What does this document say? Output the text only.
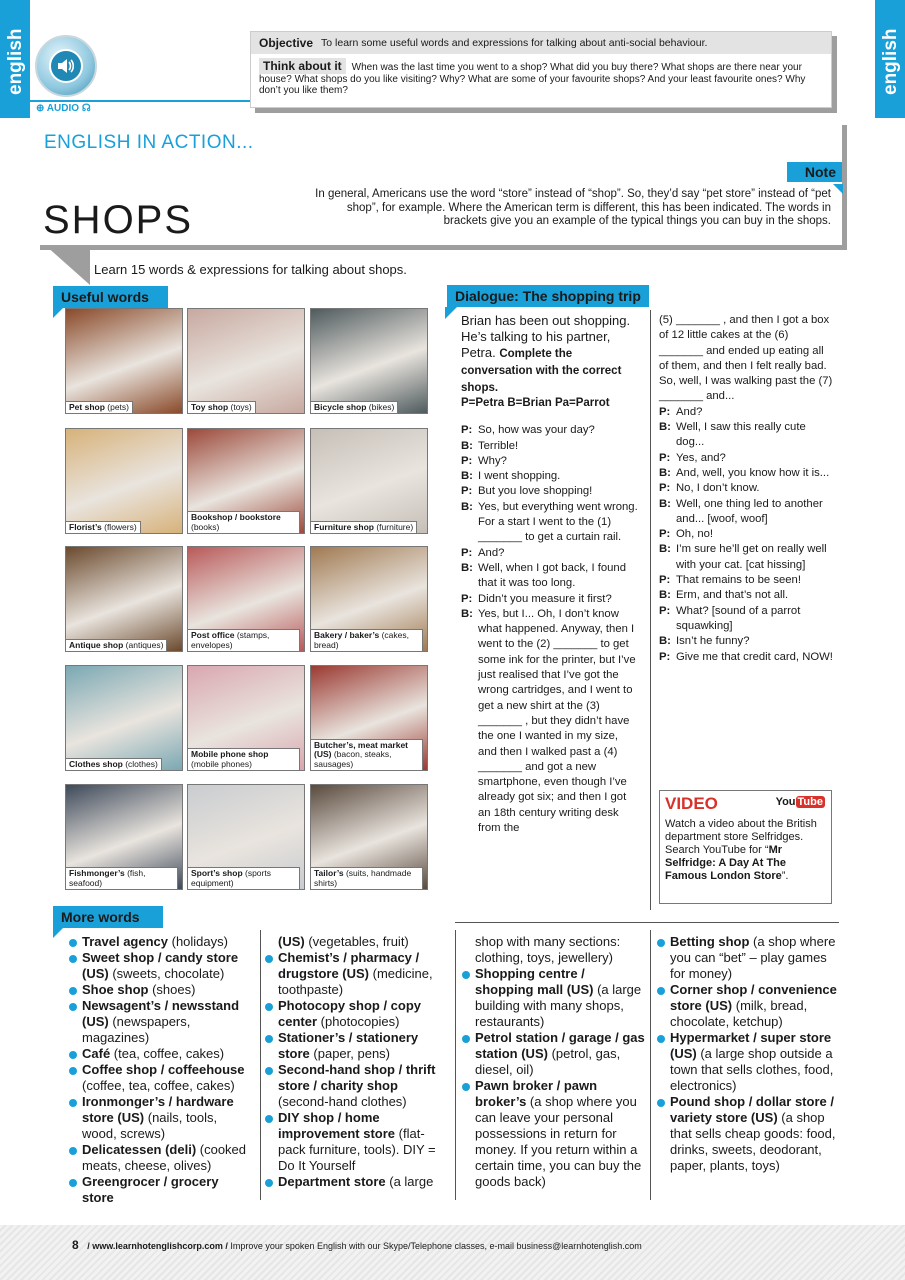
english	english
⊕ AUDIO ☊
Objective To learn some useful words and expressions for talking about anti-social behaviour.
Think about it When was the last time you went to a shop? What did you buy there? What shops are there near your house? What shops do you like visiting? Why? What are some of your favourite shops? And your least favourite ones? Why don’t you like them?
ENGLISH IN ACTION...
Note
SHOPS
In general, Americans use the word “store” instead of “shop”. So, they’d say “pet store” instead of “pet shop”, for example. Where the American term is different, this has been indicated. The words in brackets give you an example of the typical things you can buy in the shops.
Learn 15 words & expressions for talking about shops.
Useful words
Pet shop (pets)	Toy shop (toys)	Bicycle shop (bikes)
Florist’s (flowers)
Bookshop / bookstore (books)	Furniture shop (furniture)
Antique shop (antiques)
Post office (stamps, envelopes)
Bakery / baker’s (cakes, bread)
Clothes shop (clothes)
Mobile phone shop (mobile phones)
Butcher’s, meat market (US) (bacon, steaks, sausages)
Fishmonger’s (fish, seafood)
Sport’s shop (sports equipment)
Tailor’s (suits, handmade shirts)
Dialogue: The shopping trip
Brian has been out shopping. He’s talking to his partner, Petra. Complete the conversation with the correct shops.
P=Petra B=Brian Pa=Parrot
P: So, how was your day?
B: Terrible!
P: Why?
B: I went shopping.
P: But you love shopping!
B: Yes, but everything went wrong. For a start I went to the (1) _______ to get a curtain rail.
P: And?
B: Well, when I got back, I found that it was too long.
P: Didn’t you measure it first?
B: Yes, but I... Oh, I don’t know what happened. Anyway, then I went to the (2) _______ to get some ink for the printer, but I’ve just realised that I’ve got the wrong cartridges, and I went to get a new shirt at the (3) _______ , but they didn’t have the one I wanted in my size, and then I walked past a (4) _______ and got a new smartphone, even though I’ve already got six; and then I got an 18th century writing desk from the
(5) _______ , and then I got a box of 12 little cakes at the (6) _______ and ended up eating all of them, and then I felt really bad. So, well, I was walking past the (7) _______ and...
P: And?
B: Well, I saw this really cute dog...
P: Yes, and?
B: And, well, you know how it is...
P: No, I don’t know.
B: Well, one thing led to another and... [woof, woof]
P: Oh, no!
B: I’m sure he’ll get on really well with your cat. [cat hissing]
P: That remains to be seen!
B: Erm, and that’s not all.
P: What? [sound of a parrot squawking]
B: Isn’t he funny?
P: Give me that credit card, NOW!
VIDEO	You Tube
Watch a video about the British department store Selfridges. Search YouTube for “Mr Selfridge: A Day At The Famous London Store”.
More words
Travel agency (holidays)
Sweet shop / candy store (US) (sweets, chocolate)
Shoe shop (shoes)
Newsagent’s / newsstand (US) (newspapers, magazines)
Café (tea, coffee, cakes)
Coffee shop / coffeehouse (coffee, tea, coffee, cakes)
Ironmonger’s / hardware store (US) (nails, tools, wood, screws)
Delicatessen (deli) (cooked meats, cheese, olives)
Greengrocer / grocery store
(US) (vegetables, fruit)
Chemist’s / pharmacy / drugstore (US) (medicine, toothpaste)
Photocopy shop / copy center (photocopies)
Stationer’s / stationery store (paper, pens)
Second-hand shop / thrift store / charity shop (second-hand clothes)
DIY shop / home improvement store (flat-pack furniture, tools). DIY = Do It Yourself
Department store (a large
shop with many sections: clothing, toys, jewellery)
Shopping centre / shopping mall (US) (a large building with many shops, restaurants)
Petrol station / garage / gas station (US) (petrol, gas, diesel, oil)
Pawn broker / pawn broker’s (a shop where you can leave your personal possessions in return for money. If you return within a certain time, you can buy the goods back)
Betting shop (a shop where you can “bet” – play games for money)
Corner shop / convenience store (US) (milk, bread, chocolate, ketchup)
Hypermarket / super store (US) (a large shop outside a town that sells clothes, food, electronics)
Pound shop / dollar store / variety store (US) (a shop that sells cheap goods: food, drinks, sweets, deodorant, paper, plants, toys)
8 / www.learnhotenglishcorp.com / Improve your spoken English with our Skype/Telephone classes, e-mail business@learnhotenglish.com
